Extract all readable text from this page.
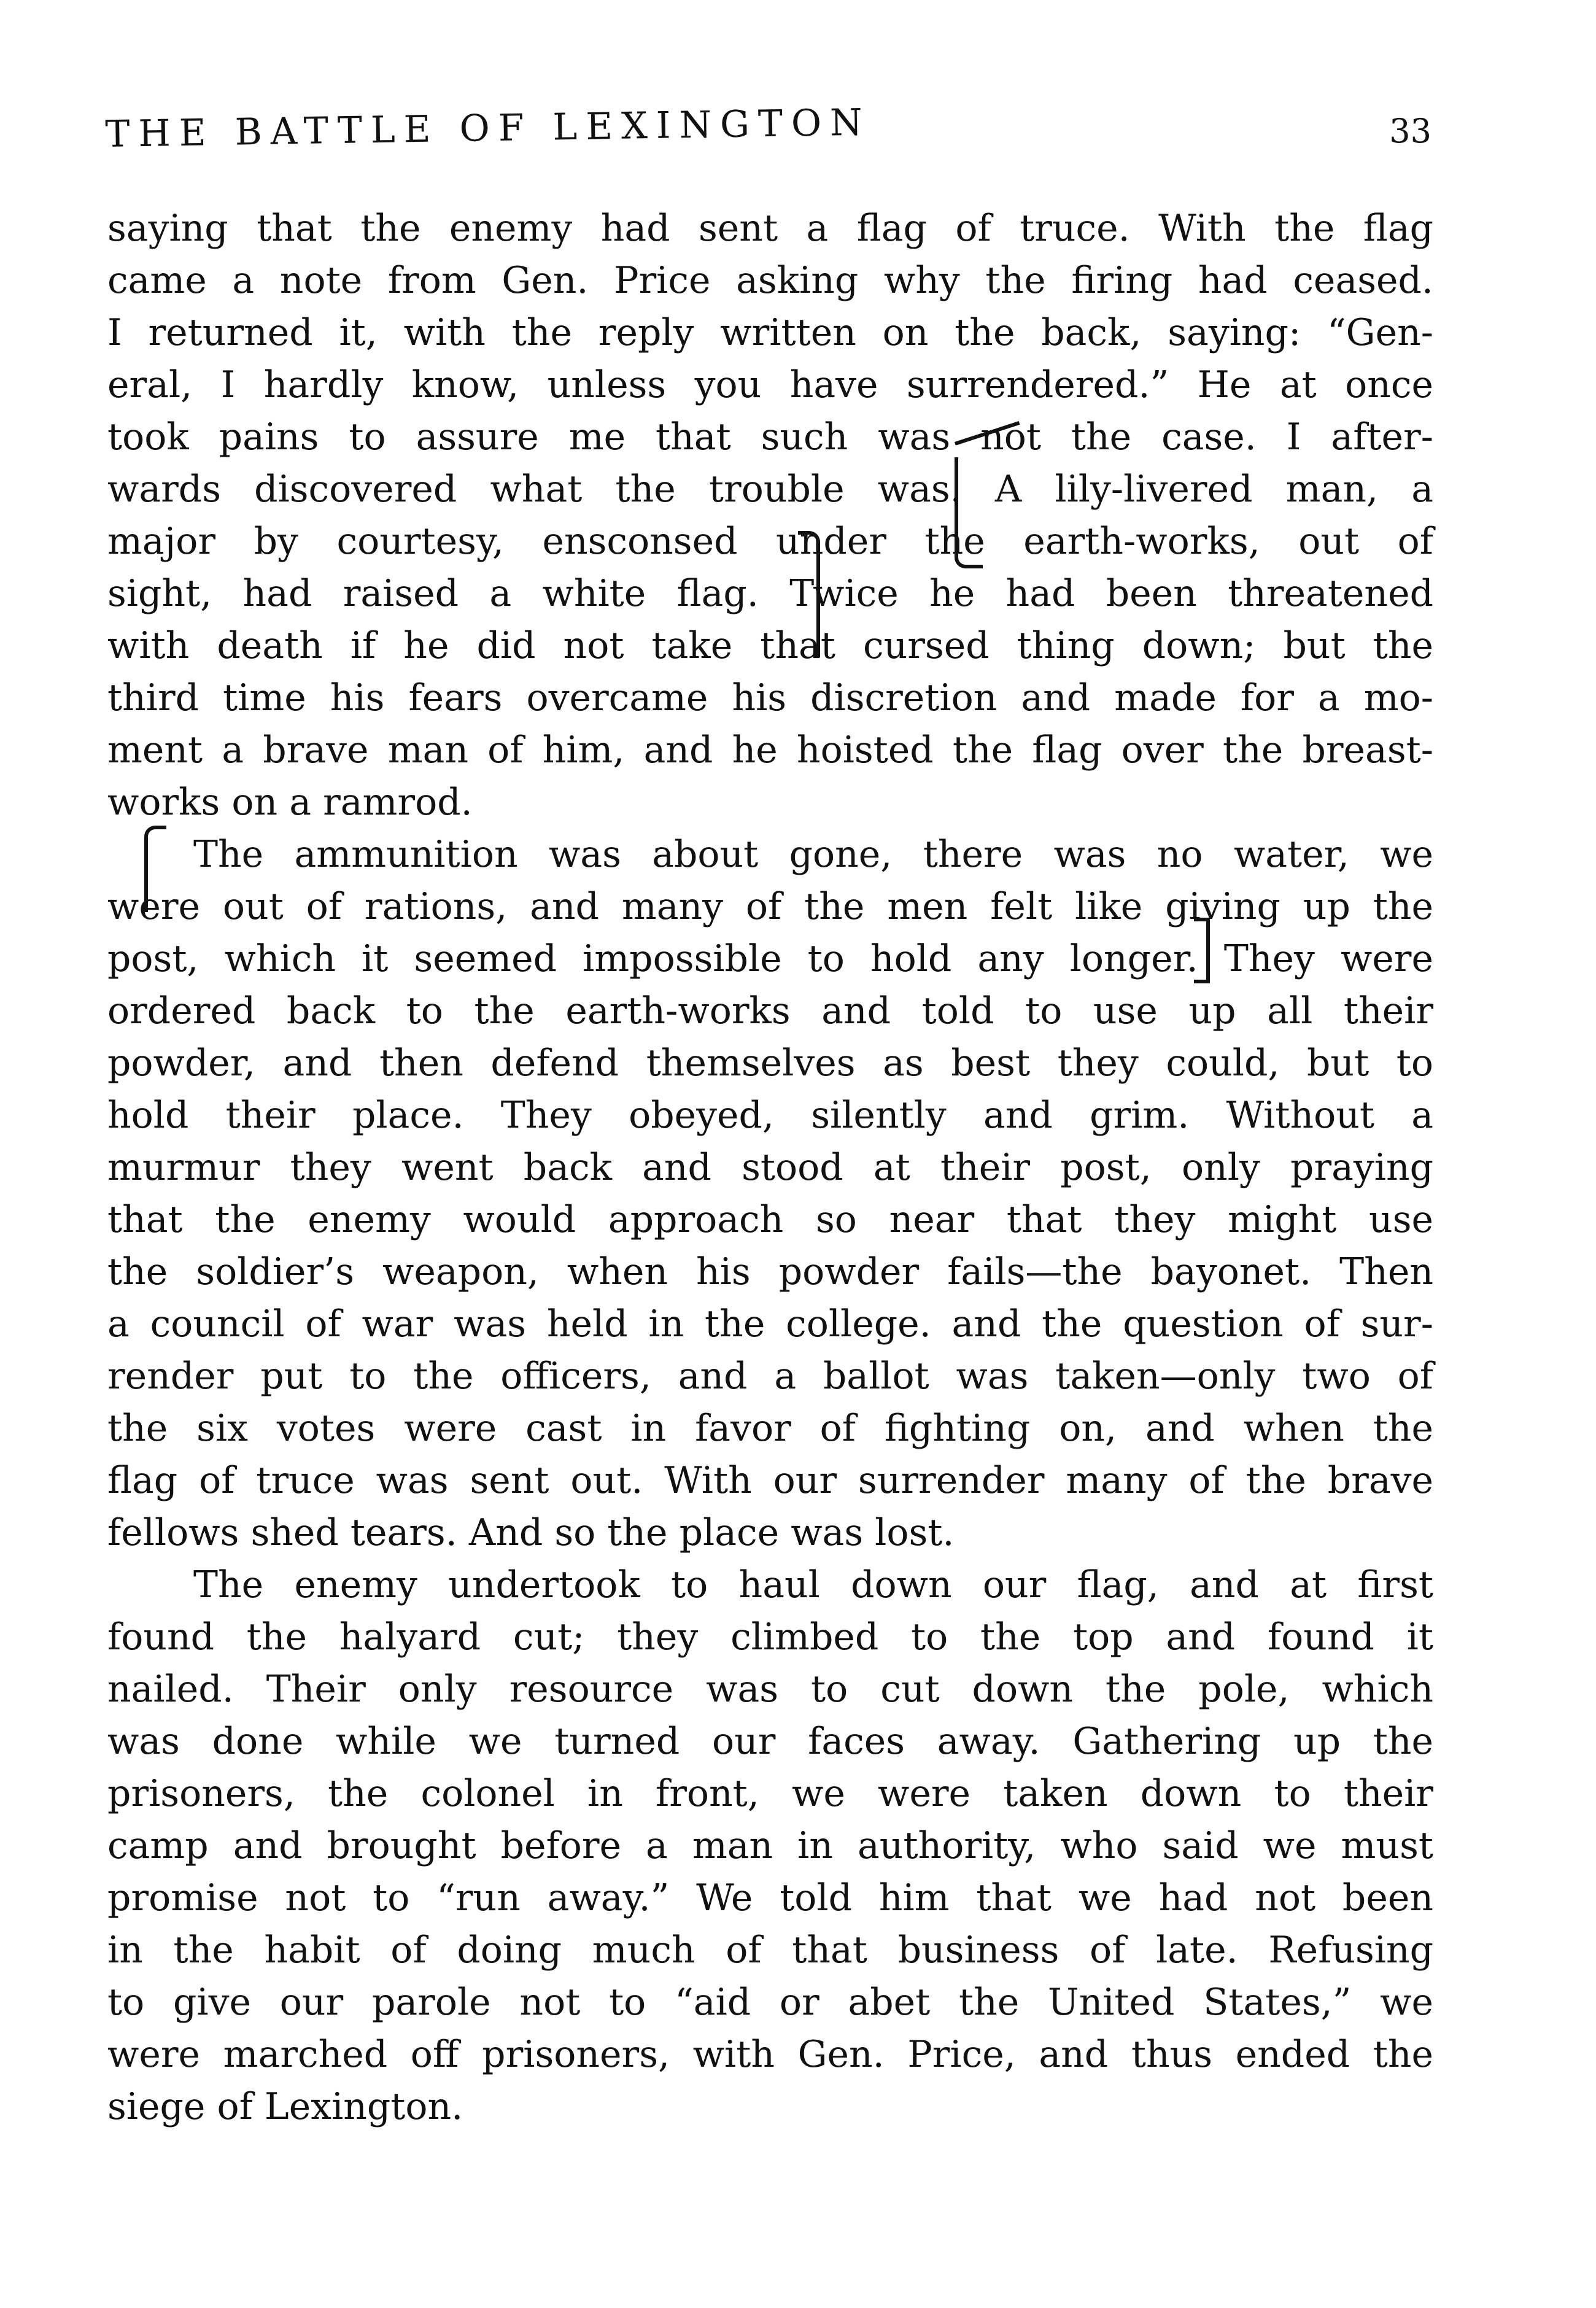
THE BATTLE OF LEXINGTON	33
saying that the enemy had sent a flag of truce. With the flag
came a note from Gen. Price asking why the firing had ceased.
I returned it, with the reply written on the back, saying: “Gen-
eral, I hardly know, unless you have surrendered.” He at once
took pains to assure me that such was not the case. I after-
wards discovered what the trouble was. A lily-livered man, a
major by courtesy, ensconsed under the earth-works, out of
sight, had raised a white flag. Twice he had been threatened
with death if he did not take that cursed thing down; but the
third time his fears overcame his discretion and made for a mo-
ment a brave man of him, and he hoisted the flag over the breast-
works on a ramrod.
The ammunition was about gone, there was no water, we
were out of rations, and many of the men felt like giving up the
post, which it seemed impossible to hold any longer. They were
ordered back to the earth-works and told to use up all their
powder, and then defend themselves as best they could, but to
hold their place. They obeyed, silently and grim. Without a
murmur they went back and stood at their post, only praying
that the enemy would approach so near that they might use
the soldier’s weapon, when his powder fails—the bayonet. Then
a council of war was held in the college. and the question of sur-
render put to the officers, and a ballot was taken—only two of
the six votes were cast in favor of fighting on, and when the
flag of truce was sent out. With our surrender many of the brave
fellows shed tears. And so the place was lost.
The enemy undertook to haul down our flag, and at first
found the halyard cut; they climbed to the top and found it
nailed. Their only resource was to cut down the pole, which
was done while we turned our faces away. Gathering up the
prisoners, the colonel in front, we were taken down to their
camp and brought before a man in authority, who said we must
promise not to “run away.” We told him that we had not been
in the habit of doing much of that business of late. Refusing
to give our parole not to “aid or abet the United States,” we
were marched off prisoners, with Gen. Price, and thus ended the
siege of Lexington.
